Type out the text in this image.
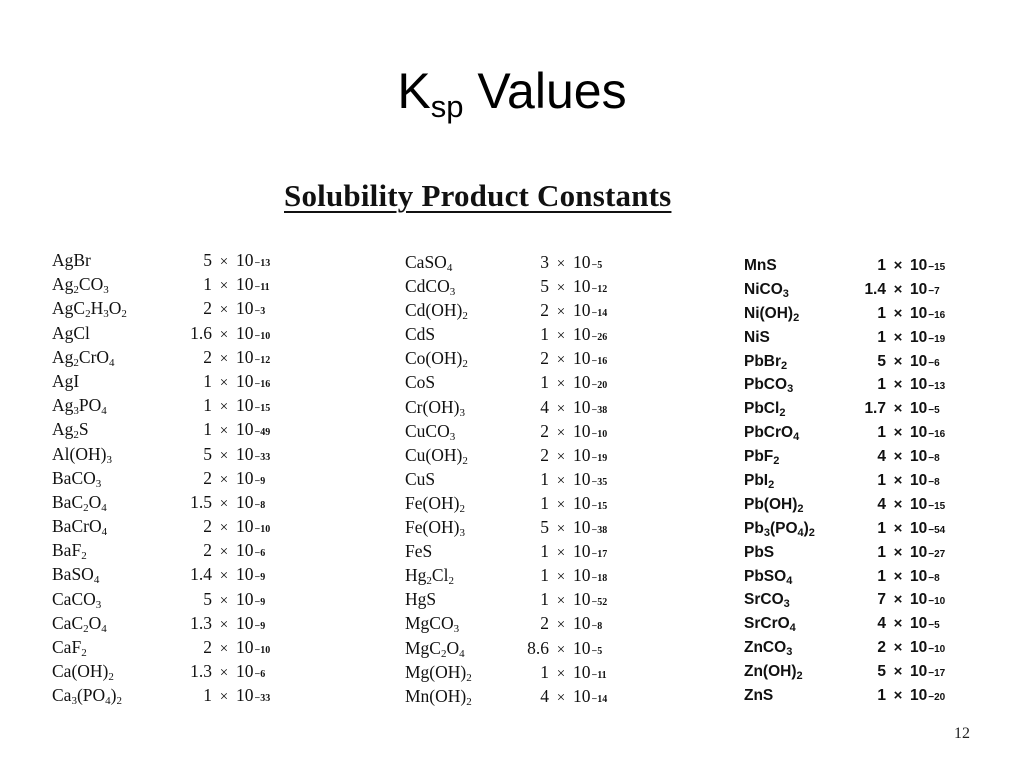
$K_{sp}$ Values
Solubility Product Constants
AgBr	$5 \times 10_{-13}$
$Ag_2CO_3$	$1 \times 10_{-11}$
$AgC_2H_3O_2$	$2 \times 10_{-3}$
AgCl	$1.6 \times 10_{-10}$
$Ag_2CrO_4$	$2 \times 10_{-12}$
AgI	$1 \times 10_{-16}$
$Ag_3PO_4$	$1 \times 10_{-15}$
$Ag_2S$	$1 \times 10_{-49}$
$Al(OH)_3$	$5 \times 10_{-33}$
BaCO$_3$	$2 \times 10_{-9}$
$BaC_2O_4$	$1.5 \times 10_{-8}$
BaCrO$_4$	$2 \times 10_{-10}$
BaF$_2$	$2 \times 10_{-6}$
BaSO$_4$	$1.4 \times 10_{-9}$
CaCO$_3$	$5 \times 10_{-9}$
$CaC_2O_4$	$1.3 \times 10_{-9}$
CaF$_2$	$2 \times 10_{-10}$
$Ca(OH)_2$	$1.3 \times 10_{-6}$
$Ca_3(PO_4)_2$	$1 \times 10_{-33}$
CaSO$_4$	$3 \times 10_{-5}$
CdCO$_3$	$5 \times 10_{-12}$
$Cd(OH)_2$	$2 \times 10_{-14}$
CdS	$1 \times 10_{-26}$
$Co(OH)_2$	$2 \times 10_{-16}$
CoS	$1 \times 10_{-20}$
$Cr(OH)_3$	$4 \times 10_{-38}$
CuCO$_3$	$2 \times 10_{-10}$
$Cu(OH)_2$	$2 \times 10_{-19}$
CuS	$1 \times 10_{-35}$
$Fe(OH)_2$	$1 \times 10_{-15}$
$Fe(OH)_3$	$5 \times 10_{-38}$
FeS	$1 \times 10_{-17}$
$Hg_2Cl_2$	$1 \times 10_{-18}$
HgS	$1 \times 10_{-52}$
MgCO$_3$	$2 \times 10_{-8}$
$MgC_2O_4$	$8.6 \times 10_{-5}$
$Mg(OH)_2$	$1 \times 10_{-11}$
$Mn(OH)_2$	$4 \times 10_{-14}$
MnS	1 × 10 −15
NiCO$_3$	1.4 × 10 −7
$Ni(OH)_2$	1 × 10 −16
NiS	1 × 10 −19
PbBr$_2$	5 × 10 −6
PbCO$_3$	1 × 10 −13
PbCl$_2$	1.7 × 10 −5
PbCrO$_4$	1 × 10 −16
PbF$_2$	4 × 10 −8
PbI$_2$	1 × 10 −8
$Pb(OH)_2$	4 × 10 −15
$Pb_3(PO_4)_2$	1 × 10 −54
PbS	1 × 10 −27
PbSO$_4$	1 × 10 −8
SrCO$_3$	7 × 10 −10
SrCrO$_4$	4 × 10 −5
ZnCO$_3$	2 × 10 −10
$Zn(OH)_2$	5 × 10 −17
ZnS	1 × 10 −20
12
